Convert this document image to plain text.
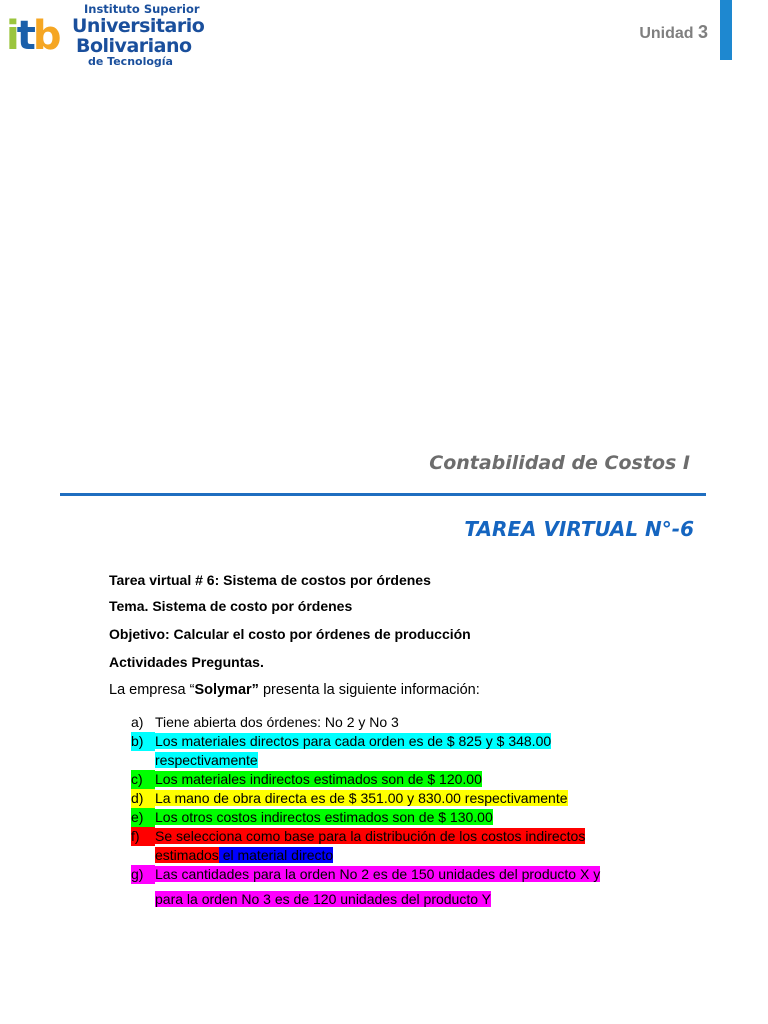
itb
Instituto Superior
Universitario
Bolivariano
de Tecnología
Unidad 3
Contabilidad de Costos I
TAREA VIRTUAL N°-6
Tarea virtual # 6: Sistema de costos por órdenes
Tema. Sistema de costo por órdenes
Objetivo: Calcular el costo por órdenes de producción
Actividades Preguntas.
La empresa “Solymar” presenta la siguiente información:
a) Tiene abierta dos órdenes: No 2 y No 3
b) Los materiales directos para cada orden es de $ 825 y $ 348.00
respectivamente
c) Los materiales indirectos estimados son de $ 120.00
d) La mano de obra directa es de $ 351.00 y 830.00 respectivamente
e) Los otros costos indirectos estimados son de $ 130.00
f) Se selecciona como base para la distribución de los costos indirectos
estimados el material directo
g) Las cantidades para la orden No 2 es de 150 unidades del producto X y
para la orden No 3 es de 120 unidades del producto Y
